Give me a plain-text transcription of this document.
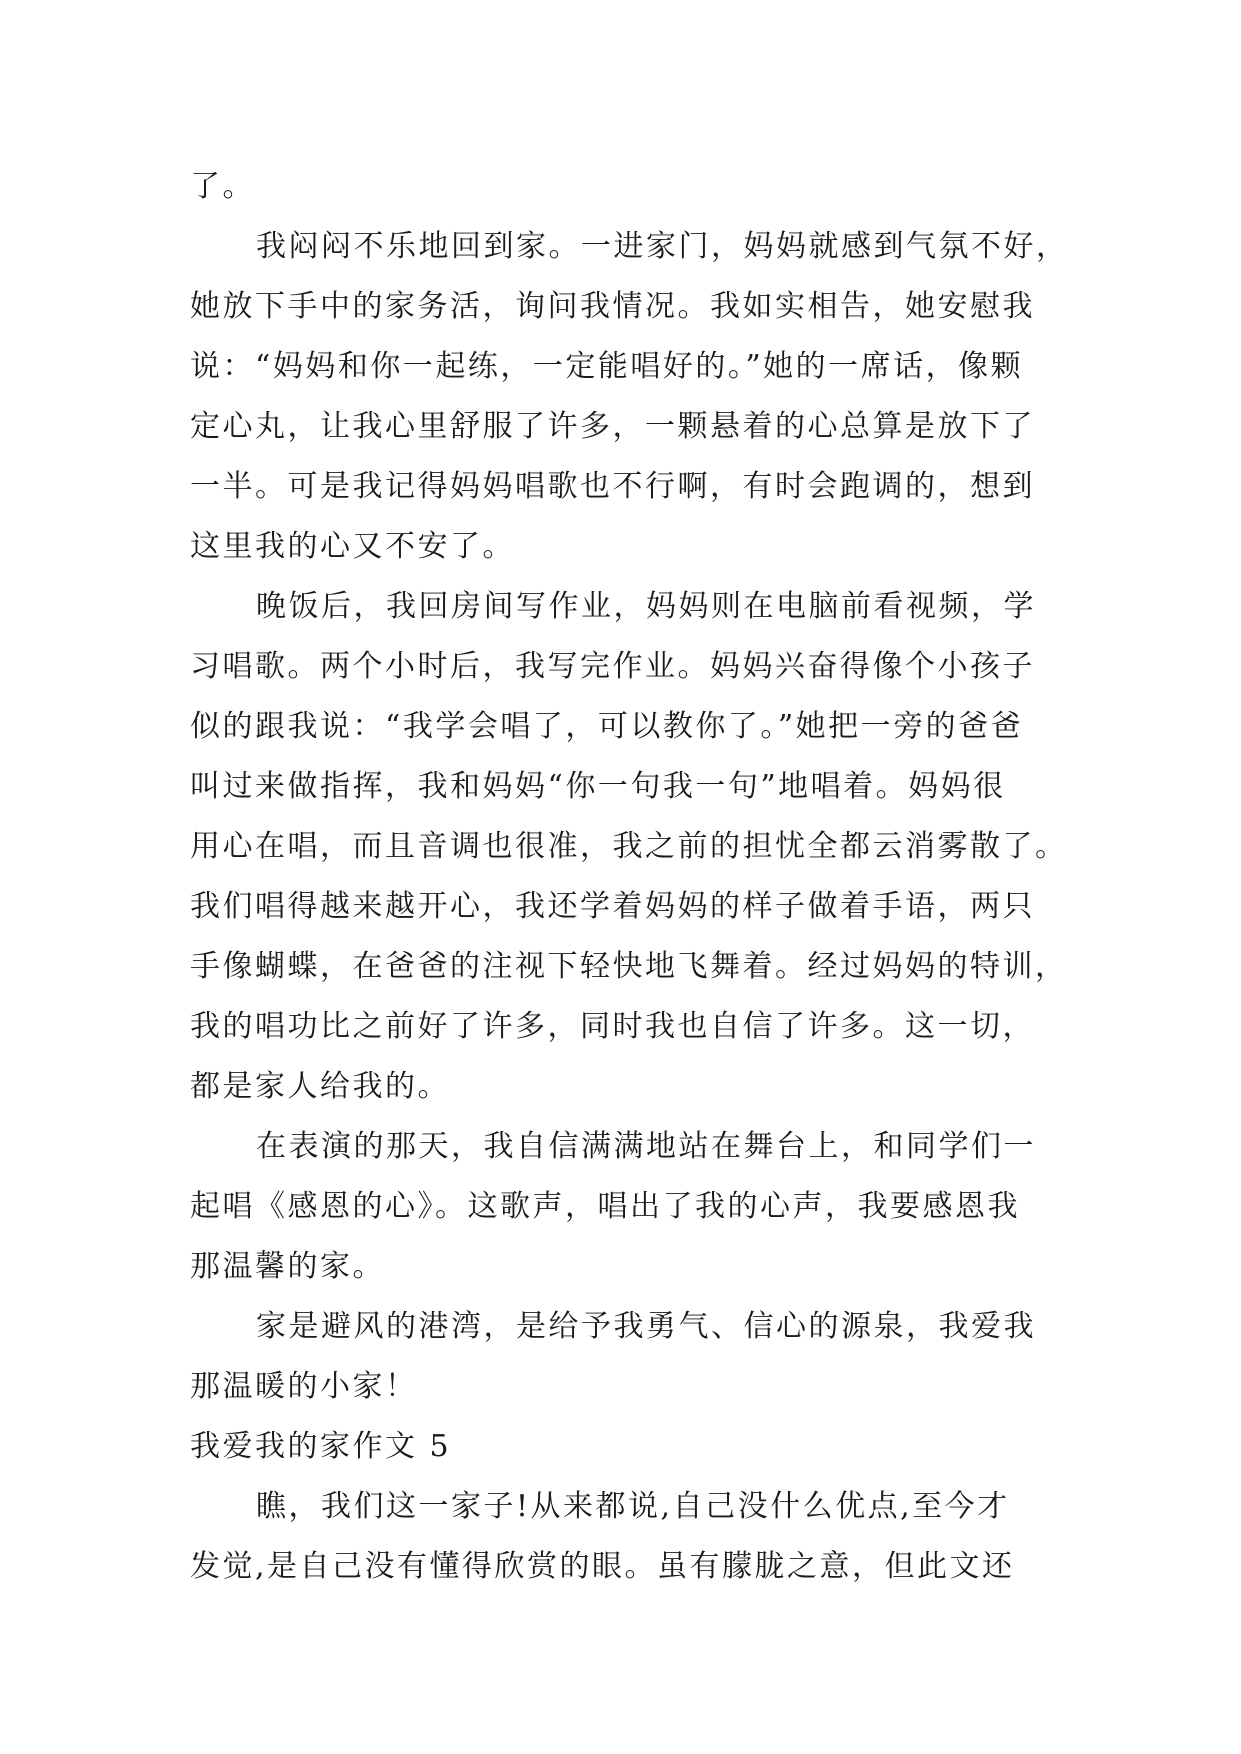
了。
我闷闷不乐地回到家。一进家门，妈妈就感到气氛不好，
她放下手中的家务活，询问我情况。我如实相告，她安慰我
说：“妈妈和你一起练，一定能唱好的。”她的一席话，像颗
定心丸，让我心里舒服了许多，一颗悬着的心总算是放下了
一半。可是我记得妈妈唱歌也不行啊，有时会跑调的，想到
这里我的心又不安了。
晚饭后，我回房间写作业，妈妈则在电脑前看视频，学
习唱歌。两个小时后，我写完作业。妈妈兴奋得像个小孩子
似的跟我说：“我学会唱了，可以教你了。”她把一旁的爸爸
叫过来做指挥，我和妈妈“你一句我一句”地唱着。妈妈很
用心在唱，而且音调也很准，我之前的担忧全都云消雾散了。
我们唱得越来越开心，我还学着妈妈的样子做着手语，两只
手像蝴蝶，在爸爸的注视下轻快地飞舞着。经过妈妈的特训，
我的唱功比之前好了许多，同时我也自信了许多。这一切，
都是家人给我的。
在表演的那天，我自信满满地站在舞台上，和同学们一
起唱《感恩的心》。这歌声，唱出了我的心声，我要感恩我
那温馨的家。
家是避风的港湾，是给予我勇气、信心的源泉，我爱我
那温暖的小家！
我爱我的家作文 5
瞧，我们这一家子!从来都说,自己没什么优点,至今才
发觉,是自己没有懂得欣赏的眼。虽有朦胧之意，但此文还
